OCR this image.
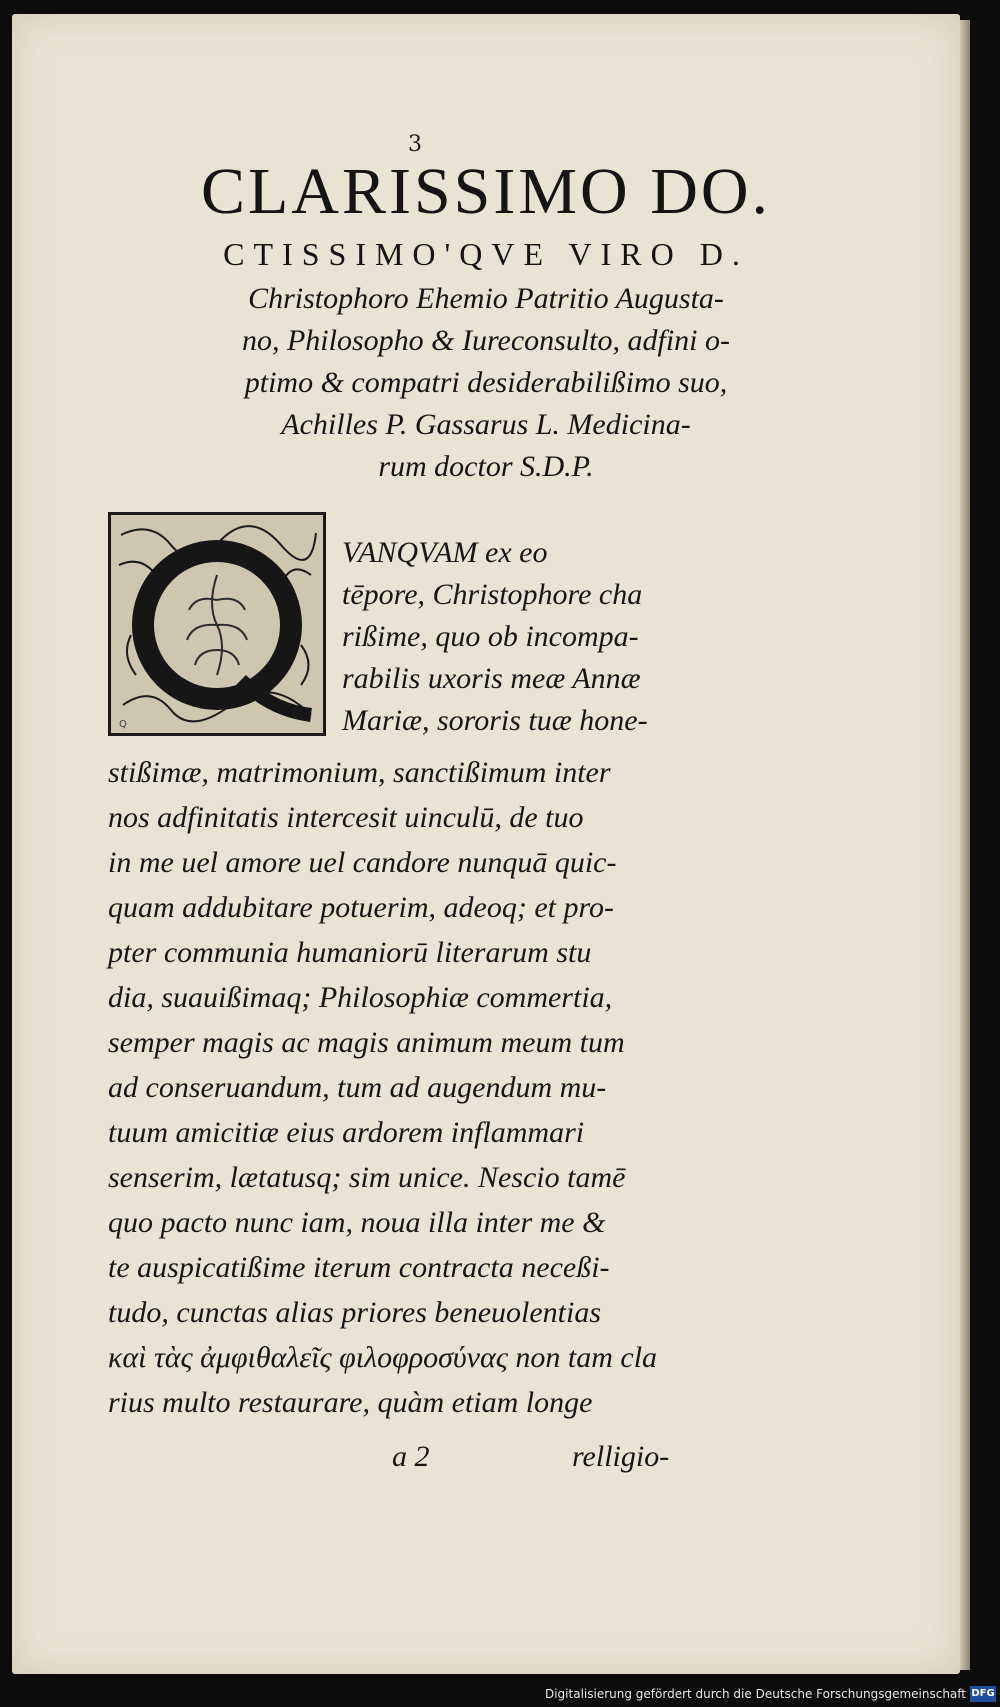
3
CLARISSIMO DO.
CTISSIMO'QVE VIRO D.
Christophoro Ehemio Patritio Augusta-
no, Philosopho & Iureconsulto, adfini o-
ptimo & compatri desiderabilißimo suo,
Achilles P. Gassarus L. Medicina-
rum doctor S.D.P.
Q
VANQVAM ex eo
tēpore, Christophore cha
rißime, quo ob incompa-
rabilis uxoris meæ Annæ
Mariæ, sororis tuæ hone-
stißimæ, matrimonium, sanctißimum inter
nos adfinitatis intercesit uinculū, de tuo
in me uel amore uel candore nunquā quic-
quam addubitare potuerim, adeoq; et pro-
pter communia humaniorū literarum stu
dia, suauißimaq; Philosophiæ commertia,
semper magis ac magis animum meum tum
ad conseruandum, tum ad augendum mu-
tuum amicitiæ eius ardorem inflammari
senserim, lætatusq; sim unice. Nescio tamē
quo pacto nunc iam, noua illa inter me &
te auspicatißime iterum contracta neceßi-
tudo, cunctas alias priores beneuolentias
καὶ τὰς ἀμφιθαλεῖς φιλοφροσύνας non tam cla
rius multo restaurare, quàm etiam longe
a 2	relligio-
Digitalisierung gefördert durch die Deutsche Forschungsgemeinschaft DFG
